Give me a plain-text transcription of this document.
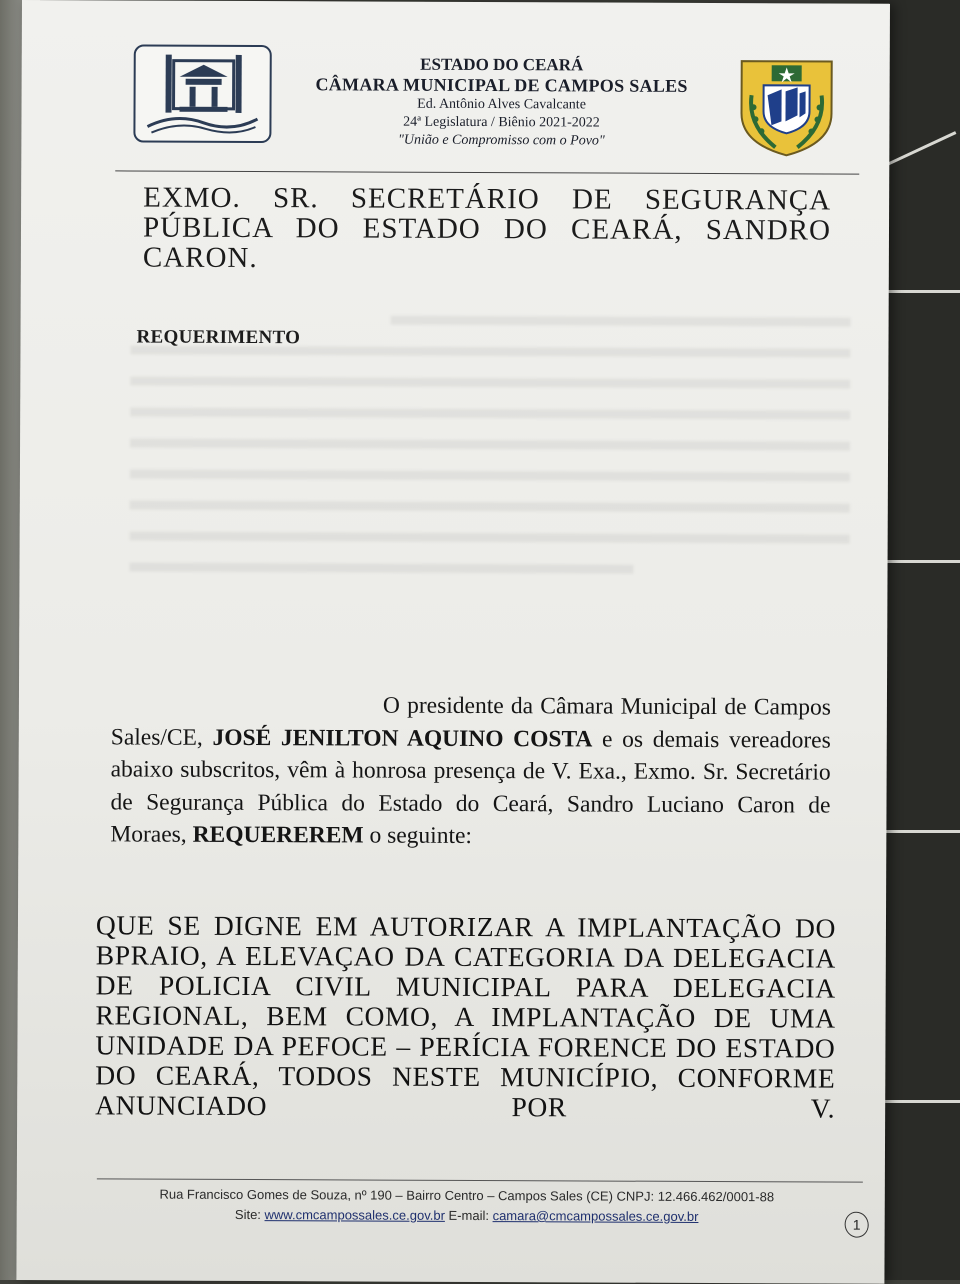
ESTADO DO CEARÁ
CÂMARA MUNICIPAL DE CAMPOS SALES
Ed. Antônio Alves Cavalcante
24ª Legislatura / Biênio 2021-2022
"União e Compromisso com o Povo"
EXMO. SR. SECRETÁRIO DE SEGURANÇA PÚBLICA DO ESTADO DO CEARÁ, SANDRO CARON.
REQUERIMENTO
O presidente da Câmara Municipal de Campos Sales/CE, JOSÉ JENILTON AQUINO COSTA e os demais vereadores abaixo subscritos, vêm à honrosa presença de V. Exa., Exmo. Sr. Secretário de Segurança Pública do Estado do Ceará, Sandro Luciano Caron de Moraes, REQUEREREM o seguinte:
QUE SE DIGNE EM AUTORIZAR A IMPLANTAÇÃO DO BPRAIO, A ELEVAÇAO DA CATEGORIA DA DELEGACIA DE POLICIA CIVIL MUNICIPAL PARA DELEGACIA REGIONAL, BEM COMO, A IMPLANTAÇÃO DE UMA UNIDADE DA PEFOCE – PERÍCIA FORENCE DO ESTADO DO CEARÁ, TODOS NESTE MUNICÍPIO, CONFORME ANUNCIADO POR V.
Rua Francisco Gomes de Souza, nº 190 – Bairro Centro – Campos Sales (CE) CNPJ: 12.466.462/0001-88
Site: www.cmcampossales.ce.gov.br E-mail: camara@cmcampossales.ce.gov.br
1
